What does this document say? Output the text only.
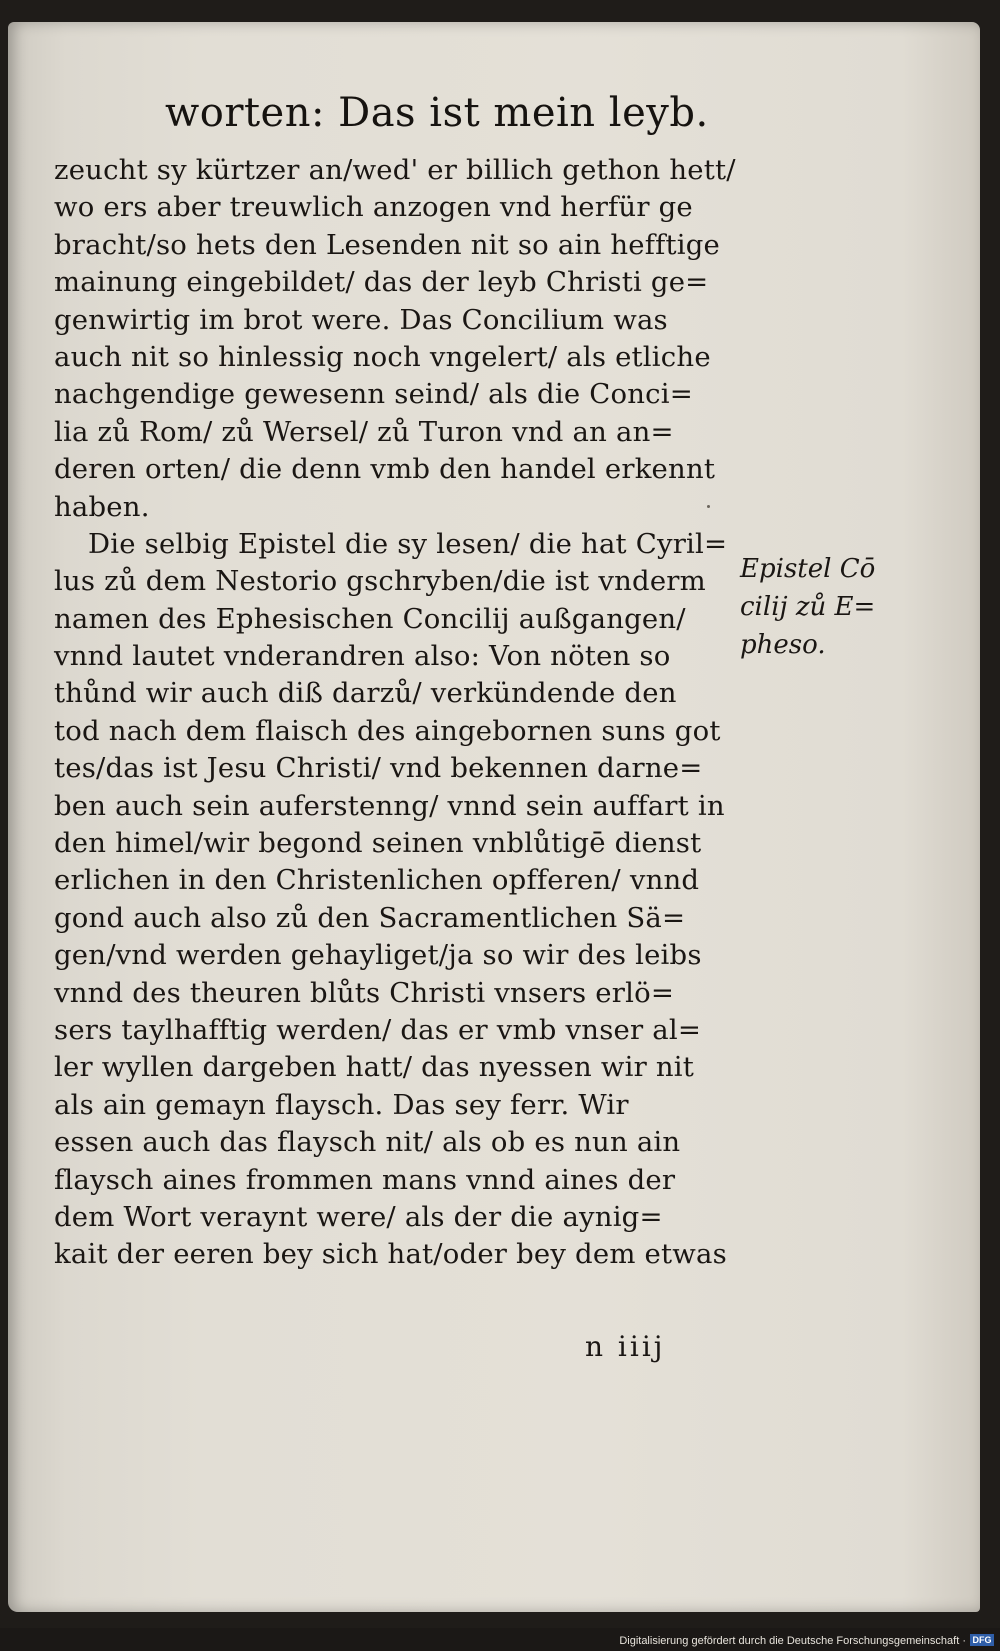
worten: Das ist mein leyb.
zeucht sy kürtzer an/wed' er billich gethon hett/
wo ers aber treuwlich anzogen vnd herfür ge
bracht/so hets den Lesenden nit so ain hefftige
mainung eingebildet/ das der leyb Christi ge=
genwirtig im brot were. Das Concilium was
auch nit so hinlessig noch vngelert/ als etliche
nachgendige gewesenn seind/ als die Conci=
lia zů Rom/ zů Wersel/ zů Turon vnd an an=
deren orten/ die denn vmb den handel erkennt
haben.
Die selbig Epistel die sy lesen/ die hat Cyril=
lus zů dem Nestorio gschryben/die ist vnderm
namen des Ephesischen Concilij außgangen/
vnnd lautet vnderandren also: Von nöten so
thůnd wir auch diß darzů/ verkündende den
tod nach dem flaisch des aingebornen suns got
tes/das ist Jesu Christi/ vnd bekennen darne=
ben auch sein auferstenng/ vnnd sein auffart in
den himel/wir begond seinen vnblůtigē dienst
erlichen in den Christenlichen opfferen/ vnnd
gond auch also zů den Sacramentlichen Sä=
gen/vnd werden gehayliget/ja so wir des leibs
vnnd des theuren blůts Christi vnsers erlö=
sers taylhafftig werden/ das er vmb vnser al=
ler wyllen dargeben hatt/ das nyessen wir nit
als ain gemayn flaysch. Das sey ferr. Wir
essen auch das flaysch nit/ als ob es nun ain
flaysch aines frommen mans vnnd aines der
dem Wort veraynt were/ als der die aynig=
kait der eeren bey sich hat/oder bey dem etwas
Epistel Cō
cilij zů E=
pheso.
n iiij
Digitalisierung gefördert durch die Deutsche Forschungsgemeinschaft · DFG
